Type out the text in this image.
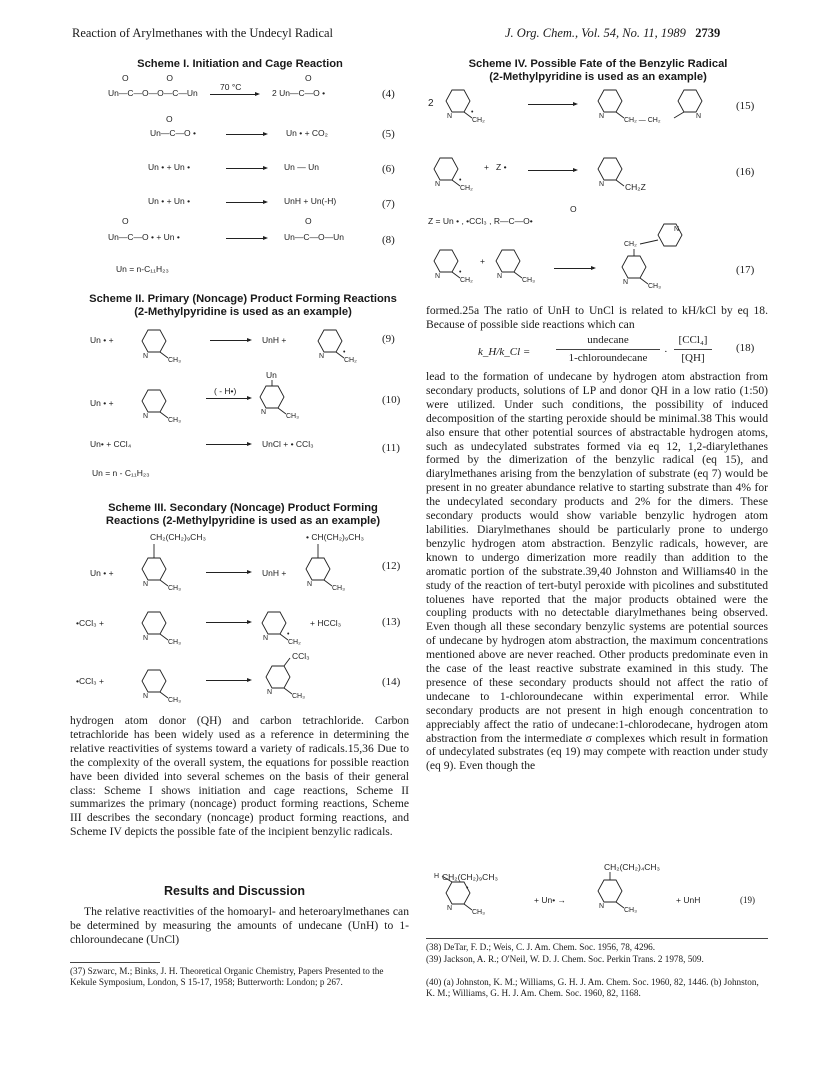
Reaction of Arylmethanes with the Undecyl Radical	J. Org. Chem., Vol. 54, No. 11, 1989 2739
Scheme I. Initiation and Cage Reaction
Un—C—O—O—C—Un
O                O
70 °C
→ 2 Un—C—O •
O
(4)
O
Un—C—O • → Un • + CO₂	(5)
Un • + Un • → Un — Un	(6)
Un • + Un • → UnH + Un(-H)	(7)
O
Un—C—O • + Un •
O
Un—C—O—Un	(8)
Un = n-C₁₁H₂₃
Scheme II. Primary (Noncage) Product Forming Reactions
(2-Methylpyridine is used as an example)
Un • +
N
CH₃
→ UnH +
N
•
CH₂
(9)
Un • +
N
CH₃
( - H•)
Un
N
CH₃
(10)
Un• + CCl₄	→ UnCl + • CCl₃	(11)
Un = n - C₁₁H₂₃
Scheme III. Secondary (Noncage) Product Forming
Reactions (2-Methylpyridine is used as an example)
Un • +
CH₂(CH₂)₉CH₃
N
CH₃
→ UnH +
• CH(CH₂)₉CH₃
N
CH₃
(12)
•CCl₃ +
N
CH₃
N
•
CH₂
+ HCCl₃	(13)
•CCl₃ +
N
CH₃
CCl₃
N
CH₃
(14)
hydrogen atom donor (QH) and carbon tetrachloride. Carbon tetrachloride has been widely used as a reference in determining the relative reactivities of systems toward a variety of radicals.15,36 Due to the complexity of the overall system, the equations for possible reaction have been divided into several schemes on the basis of their general class: Scheme I shows initiation and cage reactions, Scheme II summarizes the primary (noncage) product forming reactions, Scheme III describes the secondary (noncage) product forming reactions, and Scheme IV depicts the possible fate of the incipient benzylic radicals.
Results and Discussion
The relative reactivities of the homoaryl- and heteroarylmethanes can be determined by measuring the amounts of undecane (UnH) to 1-chloroundecane (UnCl)
(37) Szwarc, M.; Binks, J. H. Theoretical Organic Chemistry, Papers Presented to the Kekule Symposium, London, S 15-17, 1958; Butterworth: London; p 267.
Scheme IV. Possible Fate of the Benzylic Radical
(2-Methylpyridine is used as an example)
2
N
•
CH₂
N
CH₂ — CH₂
N
(15)
N
•
CH₂
+   Z • →
N CH₂Z
(16)
O
Z = Un • , •CCl₃ , R—C—O•
N
•
CH₂
+
N
CH₃
N
CH₂
N
CH₃
(17)
formed.25a The ratio of UnH to UnCl is related to kH/kCl by eq 18. Because of possible side reactions which can
k_H/k_Cl =
undecane
1-chloroundecane	·
[CCl₄]
[QH]
(18)
lead to the formation of undecane by hydrogen atom abstraction from secondary products, solutions of LP and donor QH in a low ratio (1:50) were utilized. Under such conditions, the possibility of induced decomposition of the starting peroxide should be minimal.38 This would also ensure that other potential sources of abstractable hydrogen atoms, such as undecylated substrates formed via eq 12, 1,2-diarylethanes formed by the dimerization of the benzylic radical (eq 15), and diarylmethanes arising from the benzylation of substrate (eq 7) would be present in no greater abundance relative to starting substrate than 4% for the undecylated secondary products and 2% for the dimers. These secondary products would show variable benzylic hydrogen atom labilities. Diarylmethanes should be particularly prone to undergo benzylic hydrogen atom abstraction. Benzylic radicals, however, are known to undergo dimerization more readily than addition to the aromatic portion of the substrate.39,40 Johnston and Williams40 in the study of the reaction of tert-butyl peroxide with picolines and substituted toluenes have reported that the major products obtained were the coupling products with no detectable diarylmethanes being observed. Even though all these secondary benzylic systems are potential sources of undecane by hydrogen atom abstraction, the maximum concentrations mentioned above are never reached. Other products predominate even in the case of the least reactive substrate examined in this study. The presence of these secondary products should not affect the ratio of undecane to 1-chloroundecane within experimental error. While secondary products are not present in high enough concentration to appreciably affect the ratio of undecane:1-chlorodecane, hydrogen atom abstraction from the intermediate σ complexes which result in formation of undecylated substrates (eq 19) may compete with reaction under study (eq 9). Even though the
CH₂(CH₂)₉CH₃
H
•
N
CH₃
+ Un• →
CH₂(CH₂)₄CH₃
N
CH₃
+ UnH	(19)
(38) DeTar, F. D.; Weis, C. J. Am. Chem. Soc. 1956, 78, 4296.
(39) Jackson, A. R.; O'Neil, W. D. J. Chem. Soc. Perkin Trans. 2 1978, 509.
(40) (a) Johnston, K. M.; Williams, G. H. J. Am. Chem. Soc. 1960, 82, 1446. (b) Johnston, K. M.; Williams, G. H. J. Am. Chem. Soc. 1960, 82, 1168.
